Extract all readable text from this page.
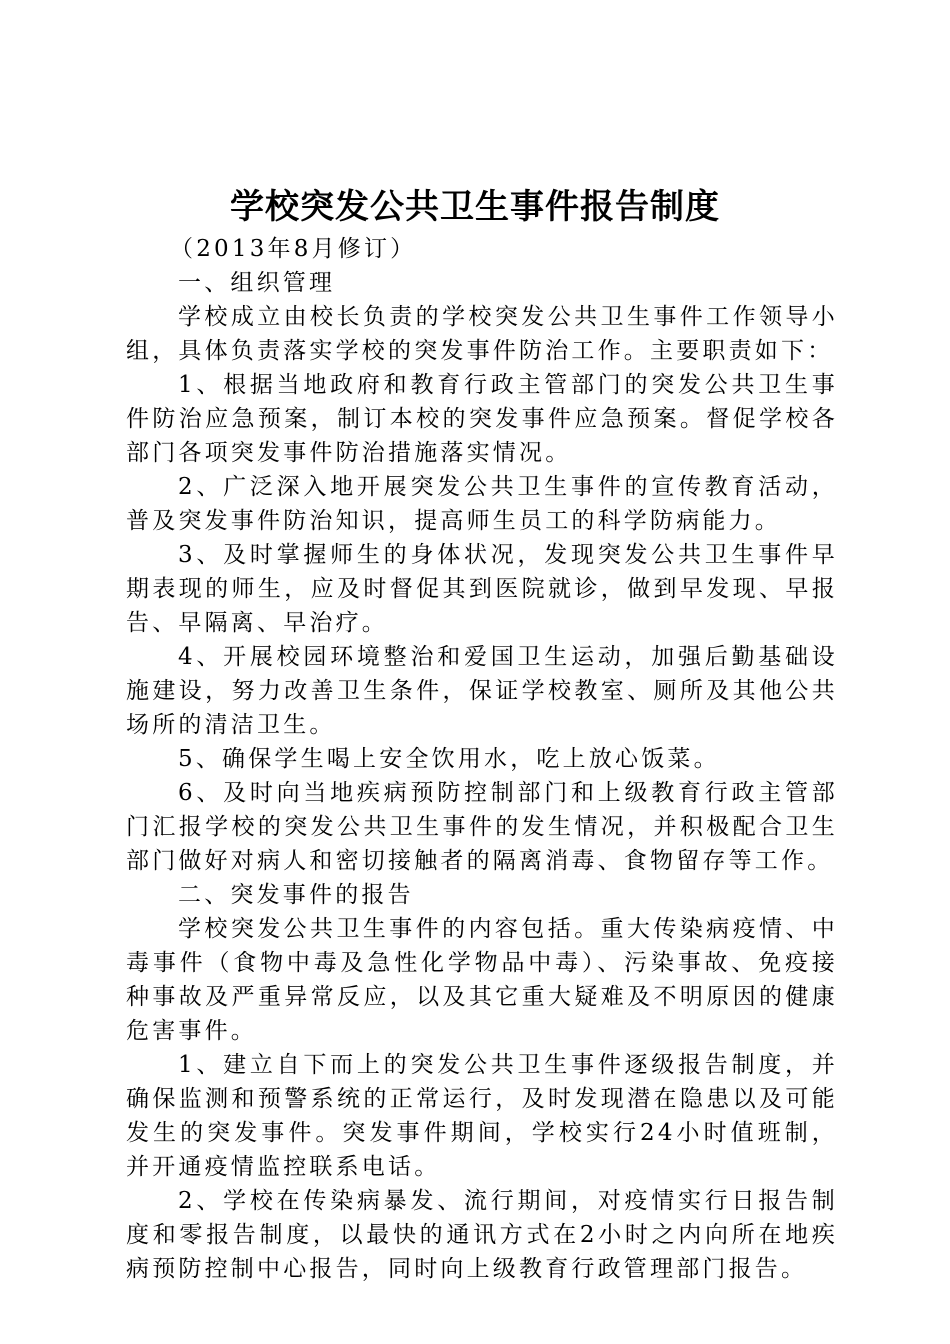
学校突发公共卫生事件报告制度

（2013年8月修订）

一、组织管理

学校成立由校长负责的学校突发公共卫生事件工作领导小组，具体负责落实学校的突发事件防治工作。主要职责如下：

1、根据当地政府和教育行政主管部门的突发公共卫生事件防治应急预案，制订本校的突发事件应急预案。督促学校各部门各项突发事件防治措施落实情况。

2、广泛深入地开展突发公共卫生事件的宣传教育活动，普及突发事件防治知识，提高师生员工的科学防病能力。

3、及时掌握师生的身体状况，发现突发公共卫生事件早期表现的师生，应及时督促其到医院就诊，做到早发现、早报告、早隔离、早治疗。

4、开展校园环境整治和爱国卫生运动，加强后勤基础设施建设，努力改善卫生条件，保证学校教室、厕所及其他公共场所的清洁卫生。

5、确保学生喝上安全饮用水，吃上放心饭菜。

6、及时向当地疾病预防控制部门和上级教育行政主管部门汇报学校的突发公共卫生事件的发生情况，并积极配合卫生部门做好对病人和密切接触者的隔离消毒、食物留存等工作。

二、突发事件的报告

学校突发公共卫生事件的内容包括。重大传染病疫情、中毒事件（食物中毒及急性化学物品中毒）、污染事故、免疫接种事故及严重异常反应，以及其它重大疑难及不明原因的健康危害事件。

1、建立自下而上的突发公共卫生事件逐级报告制度，并确保监测和预警系统的正常运行，及时发现潜在隐患以及可能发生的突发事件。突发事件期间，学校实行24小时值班制，并开通疫情监控联系电话。

2、学校在传染病暴发、流行期间，对疫情实行日报告制度和零报告制度，以最快的通讯方式在2小时之内向所在地疾病预防控制中心报告，同时向上级教育行政管理部门报告。
